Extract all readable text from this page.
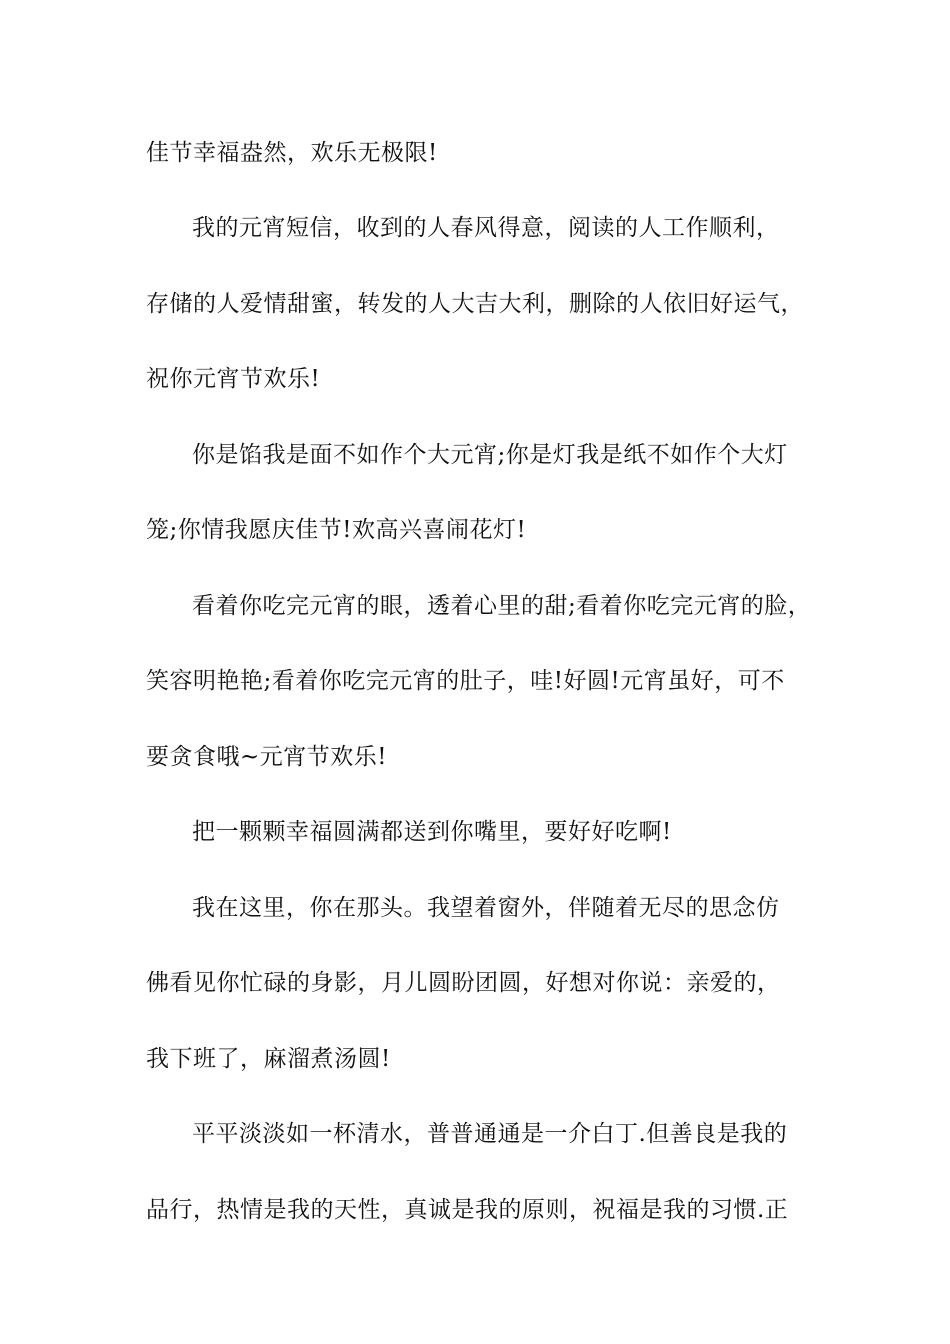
佳节幸福盎然，欢乐无极限!
我的元宵短信，收到的人春风得意，阅读的人工作顺利，
存储的人爱情甜蜜，转发的人大吉大利，删除的人依旧好运气，
祝你元宵节欢乐!
你是馅我是面不如作个大元宵;你是灯我是纸不如作个大灯
笼;你情我愿庆佳节!欢高兴喜闹花灯!
看着你吃完元宵的眼，透着心里的甜;看着你吃完元宵的脸，
笑容明艳艳;看着你吃完元宵的肚子，哇!好圆!元宵虽好，可不
要贪食哦~元宵节欢乐!
把一颗颗幸福圆满都送到你嘴里，要好好吃啊!
我在这里，你在那头。我望着窗外，伴随着无尽的思念仿
佛看见你忙碌的身影，月儿圆盼团圆，好想对你说：亲爱的，
我下班了，麻溜煮汤圆!
平平淡淡如一杯清水，普普通通是一介白丁.但善良是我的
品行，热情是我的天性，真诚是我的原则，祝福是我的习惯.正
